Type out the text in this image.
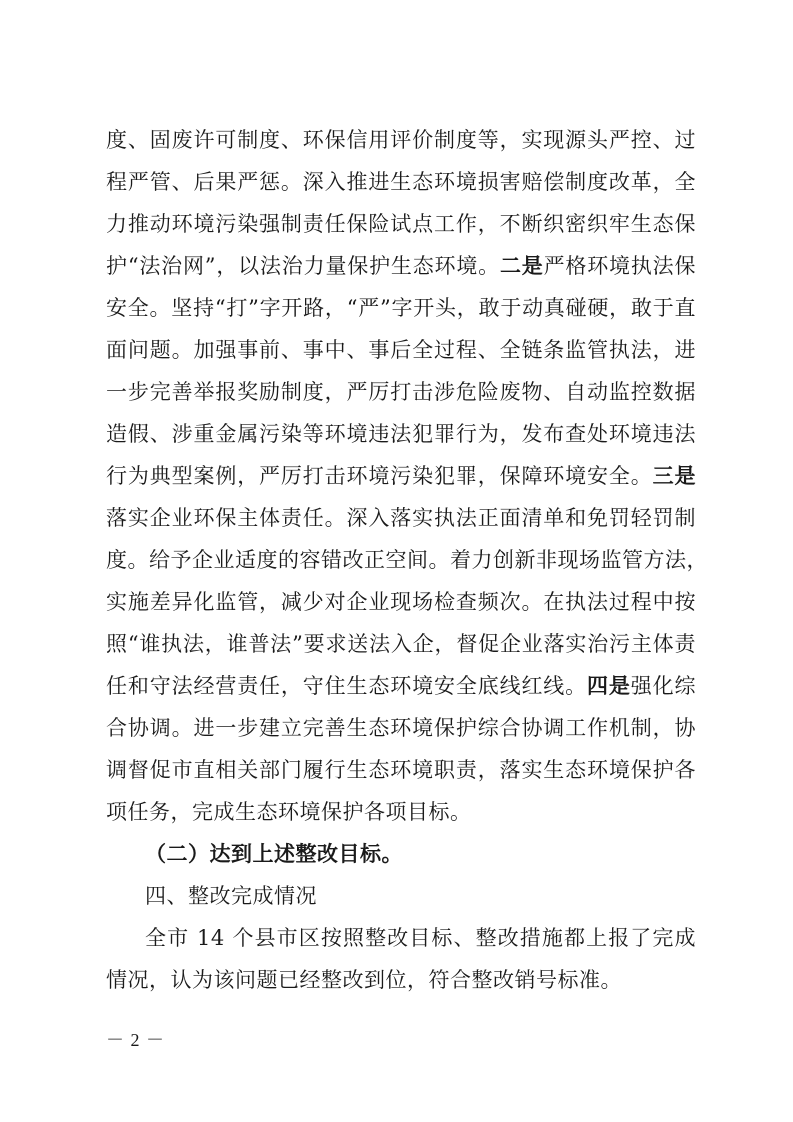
度、固废许可制度、环保信用评价制度等，实现源头严控、过
程严管、后果严惩。深入推进生态环境损害赔偿制度改革，全
力推动环境污染强制责任保险试点工作，不断织密织牢生态保
护“法治网”，以法治力量保护生态环境。二是严格环境执法保
安全。坚持“打”字开路，“严”字开头，敢于动真碰硬，敢于直
面问题。加强事前、事中、事后全过程、全链条监管执法，进
一步完善举报奖励制度，严厉打击涉危险废物、自动监控数据
造假、涉重金属污染等环境违法犯罪行为，发布查处环境违法
行为典型案例，严厉打击环境污染犯罪，保障环境安全。三是
落实企业环保主体责任。深入落实执法正面清单和免罚轻罚制
度。给予企业适度的容错改正空间。着力创新非现场监管方法，
实施差异化监管，减少对企业现场检查频次。在执法过程中按
照“谁执法，谁普法”要求送法入企，督促企业落实治污主体责
任和守法经营责任，守住生态环境安全底线红线。四是强化综
合协调。进一步建立完善生态环境保护综合协调工作机制，协
调督促市直相关部门履行生态环境职责，落实生态环境保护各
项任务，完成生态环境保护各项目标。
（二）达到上述整改目标。
四、整改完成情况
全市 14 个县市区按照整改目标、整改措施都上报了完成
情况，认为该问题已经整改到位，符合整改销号标准。
－ 2 －
